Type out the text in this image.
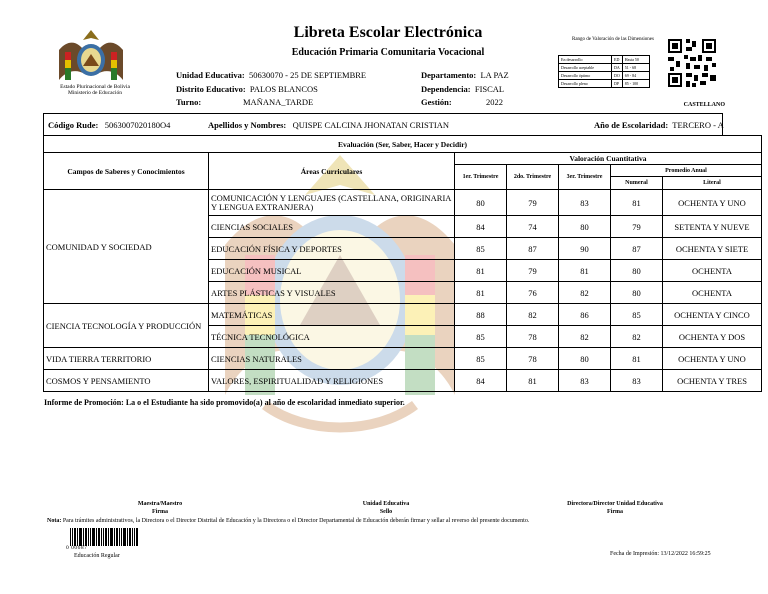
Estado Plurinacional de Bolivia
Ministerio de Educación
Libreta Escolar Electrónica
Educación Primaria Comunitaria Vocacional
Unidad Educativa: 50630070 - 25 DE SEPTIEMBRE
Distrito Educativo: PALOS BLANCOS
Turno:	MAÑANA_TARDE
Departamento: LA PAZ
Dependencia: FISCAL
Gestión:	2022
Rango de Valoración de las Dimensiones
En desarrollo	ED	Hasta 50
Desarrollo aceptable	DA	51 - 68
Desarrollo óptimo	DO	69 - 84
Desarrollo pleno	DP	85 - 100
CASTELLANO
Código Rude: 5063007020180O4	Apellidos y Nombres: QUISPE CALCINA JHONATAN CRISTIAN	Año de Escolaridad: TERCERO - A
Evaluación (Ser, Saber, Hacer y Decidir)						
Campos de Saberes y Conocimientos	Áreas Curriculares	Valoración Cuantitativa				
		1er. Trimestre	2do. Trimestre	3er. Trimestre	Promedio Anual	
					Numeral	Literal
COMUNIDAD Y SOCIEDAD	COMUNICACIÓN Y LENGUAJES (CASTELLANA, ORIGINARIA Y LENGUA EXTRANJERA)	80	79	83	81	OCHENTA Y UNO
	CIENCIAS SOCIALES	84	74	80	79	SETENTA Y NUEVE
	EDUCACIÓN FÍSICA Y DEPORTES	85	87	90	87	OCHENTA Y SIETE
	EDUCACIÓN MUSICAL	81	79	81	80	OCHENTA
	ARTES PLÁSTICAS Y VISUALES	81	76	82	80	OCHENTA
CIENCIA TECNOLOGÍA Y PRODUCCIÓN	MATEMÁTICAS	88	82	86	85	OCHENTA Y CINCO
	TÉCNICA TECNOLÓGICA	85	78	82	82	OCHENTA Y DOS
VIDA TIERRA TERRITORIO	CIENCIAS NATURALES	85	78	80	81	OCHENTA Y UNO
COSMOS Y PENSAMIENTO	VALORES, ESPIRITUALIDAD Y RELIGIONES	84	81	83	83	OCHENTA Y TRES
Informe de Promoción: La o el Estudiante ha sido promovido(a) al año de escolaridad inmediato superior.
Maestra/Maestro
Firma
Unidad Educativa
Sello
Directora/Director Unidad Educativa
Firma
Nota: Para trámites administrativos, la Directora o el Director Distrital de Educación y la Directora o el Director Departamental de Educación deberán firmar y sellar al reverso del presente documento.
0 00687
Educación Regular	Fecha de Impresión: 13/12/2022 16:59:25
